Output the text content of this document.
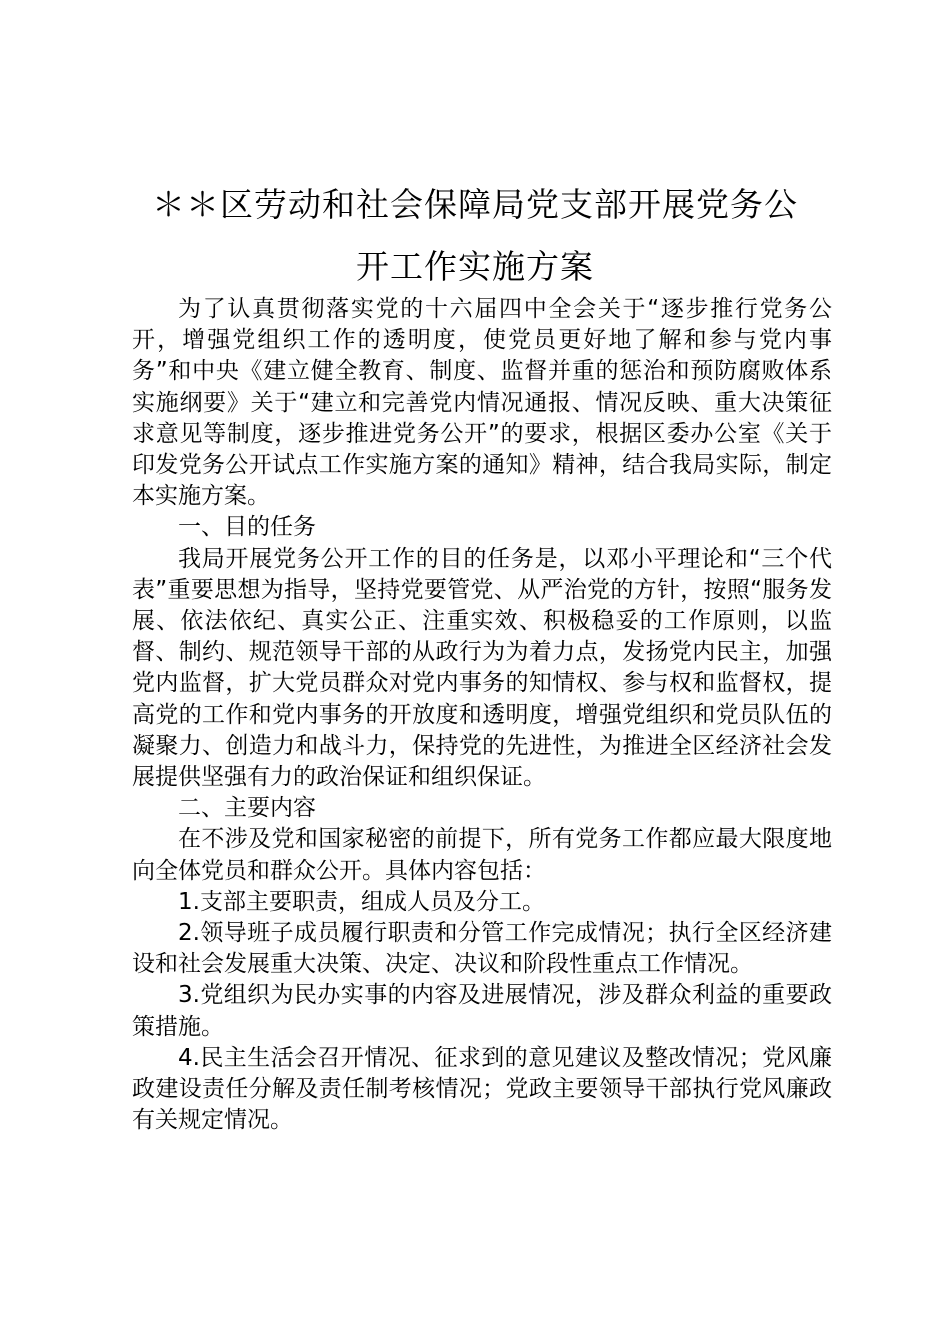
＊＊区劳动和社会保障局党支部开展党务公
开工作实施方案

为了认真贯彻落实党的十六届四中全会关于“逐步推行党务公开，增强党组织工作的透明度，使党员更好地了解和参与党内事务”和中央《建立健全教育、制度、监督并重的惩治和预防腐败体系实施纲要》关于“建立和完善党内情况通报、情况反映、重大决策征求意见等制度，逐步推进党务公开”的要求，根据区委办公室《关于印发党务公开试点工作实施方案的通知》精神，结合我局实际，制定本实施方案。

一、目的任务

我局开展党务公开工作的目的任务是，以邓小平理论和“三个代表”重要思想为指导，坚持党要管党、从严治党的方针，按照“服务发展、依法依纪、真实公正、注重实效、积极稳妥的工作原则，以监督、制约、规范领导干部的从政行为为着力点，发扬党内民主，加强党内监督，扩大党员群众对党内事务的知情权、参与权和监督权，提高党的工作和党内事务的开放度和透明度，增强党组织和党员队伍的凝聚力、创造力和战斗力，保持党的先进性，为推进全区经济社会发展提供坚强有力的政治保证和组织保证。

二、主要内容

在不涉及党和国家秘密的前提下，所有党务工作都应最大限度地向全体党员和群众公开。具体内容包括：

1.支部主要职责，组成人员及分工。

2.领导班子成员履行职责和分管工作完成情况；执行全区经济建设和社会发展重大决策、决定、决议和阶段性重点工作情况。

3.党组织为民办实事的内容及进展情况，涉及群众利益的重要政策措施。

4.民主生活会召开情况、征求到的意见建议及整改情况；党风廉政建设责任分解及责任制考核情况；党政主要领导干部执行党风廉政有关规定情况。
